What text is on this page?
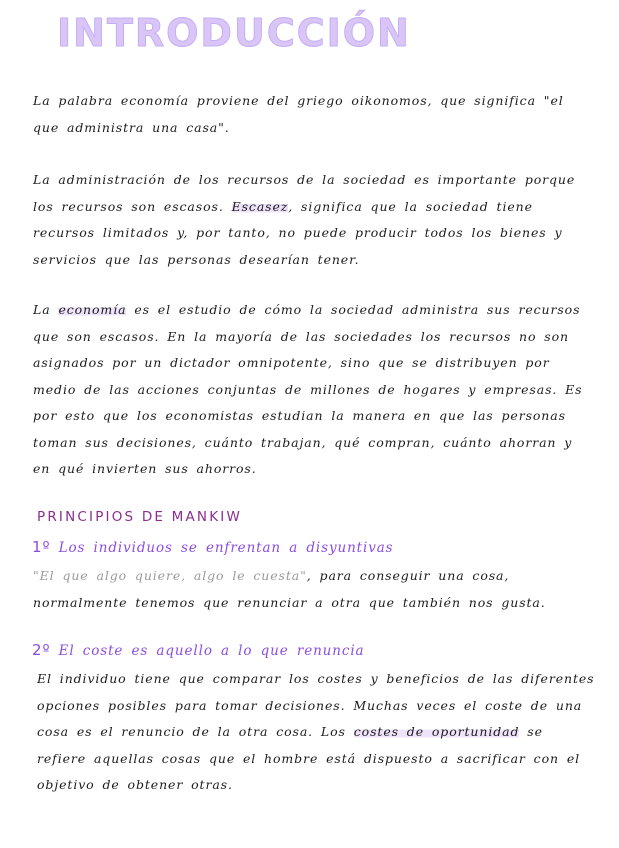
INTRODUCCIÓN

La palabra economía proviene del griego oikonomos, que significa "el que administra una casa".

La administración de los recursos de la sociedad es importante porque los recursos son escasos. Escasez, significa que la sociedad tiene recursos limitados y, por tanto, no puede producir todos los bienes y servicios que las personas desearían tener.

La economía es el estudio de cómo la sociedad administra sus recursos que son escasos. En la mayoría de las sociedades los recursos no son asignados por un dictador omnipotente, sino que se distribuyen por medio de las acciones conjuntas de millones de hogares y empresas. Es por esto que los economistas estudian la manera en que las personas toman sus decisiones, cuánto trabajan, qué compran, cuánto ahorran y en qué invierten sus ahorros.

PRINCIPIOS DE MANKIW
1º Los individuos se enfrentan a disyuntivas

"El que algo quiere, algo le cuesta", para conseguir una cosa, normalmente tenemos que renunciar a otra que también nos gusta.

2º El coste es aquello a lo que renuncia

El individuo tiene que comparar los costes y beneficios de las diferentes opciones posibles para tomar decisiones. Muchas veces el coste de una cosa es el renuncio de la otra cosa. Los costes de oportunidad se refiere aquellas cosas que el hombre está dispuesto a sacrificar con el objetivo de obtener otras.
